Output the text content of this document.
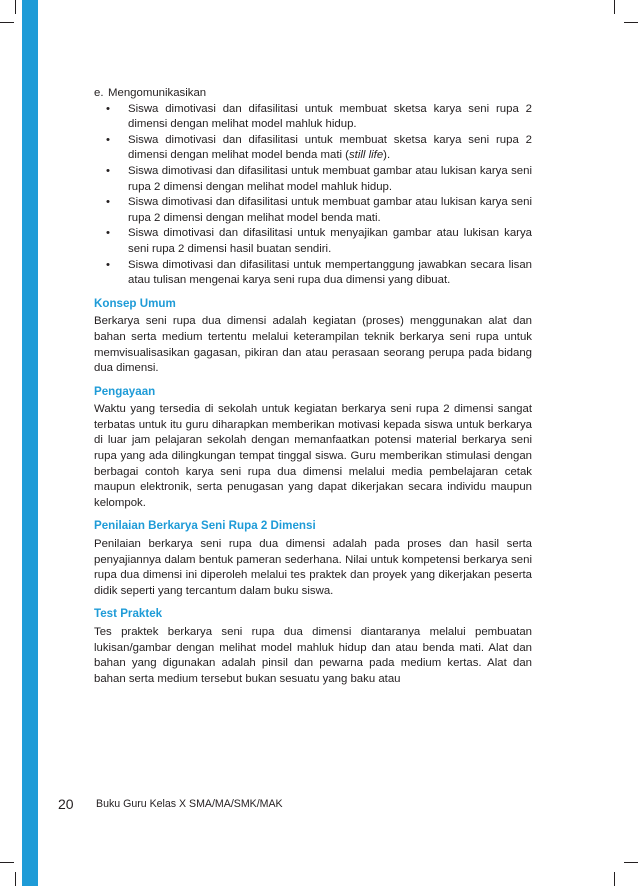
e. Mengomunikasikan
•	Siswa dimotivasi dan difasilitasi untuk membuat sketsa karya seni rupa 2 dimensi dengan melihat model mahluk hidup.
•	Siswa dimotivasi dan difasilitasi untuk membuat sketsa karya seni rupa 2 dimensi dengan melihat model benda mati (still life).
•	Siswa dimotivasi dan difasilitasi untuk membuat gambar atau lukisan karya seni rupa 2 dimensi dengan melihat model mahluk hidup.
•	Siswa dimotivasi dan difasilitasi untuk membuat gambar atau lukisan karya seni rupa 2 dimensi dengan melihat model benda mati.
•	Siswa dimotivasi dan difasilitasi untuk menyajikan gambar atau lukisan karya seni rupa 2 dimensi hasil buatan sendiri.
•	Siswa dimotivasi dan difasilitasi untuk mempertanggung jawabkan secara lisan atau tulisan mengenai karya seni rupa dua dimensi yang dibuat.
Konsep Umum
Berkarya seni rupa dua dimensi adalah kegiatan (proses) menggunakan alat dan bahan serta medium tertentu melalui keterampilan teknik berkarya seni rupa untuk memvisualisasikan gagasan, pikiran dan atau perasaan seorang perupa pada bidang dua dimensi.
Pengayaan
Waktu yang tersedia di sekolah untuk kegiatan berkarya seni rupa 2 dimensi sangat terbatas untuk itu guru diharapkan memberikan motivasi kepada siswa untuk berkarya di luar jam pelajaran sekolah dengan memanfaatkan potensi material berkarya seni rupa yang ada dilingkungan tempat tinggal siswa. Guru memberikan stimulasi dengan berbagai contoh karya seni rupa dua dimensi melalui media pembelajaran cetak maupun elektronik, serta penugasan yang dapat dikerjakan secara individu maupun kelompok.
Penilaian Berkarya Seni Rupa 2 Dimensi
Penilaian berkarya seni rupa dua dimensi adalah pada proses dan hasil serta penyajiannya dalam bentuk pameran sederhana. Nilai untuk kompetensi berkarya seni rupa dua dimensi ini diperoleh melalui tes praktek dan proyek yang dikerjakan peserta didik seperti yang tercantum dalam buku siswa.
Test Praktek
Tes praktek berkarya seni rupa dua dimensi diantaranya melalui pembuatan lukisan/gambar dengan melihat model mahluk hidup dan atau benda mati. Alat dan bahan yang digunakan adalah pinsil dan pewarna pada medium kertas. Alat dan bahan serta medium tersebut bukan sesuatu yang baku atau
20 Buku Guru Kelas X SMA/MA/SMK/MAK
